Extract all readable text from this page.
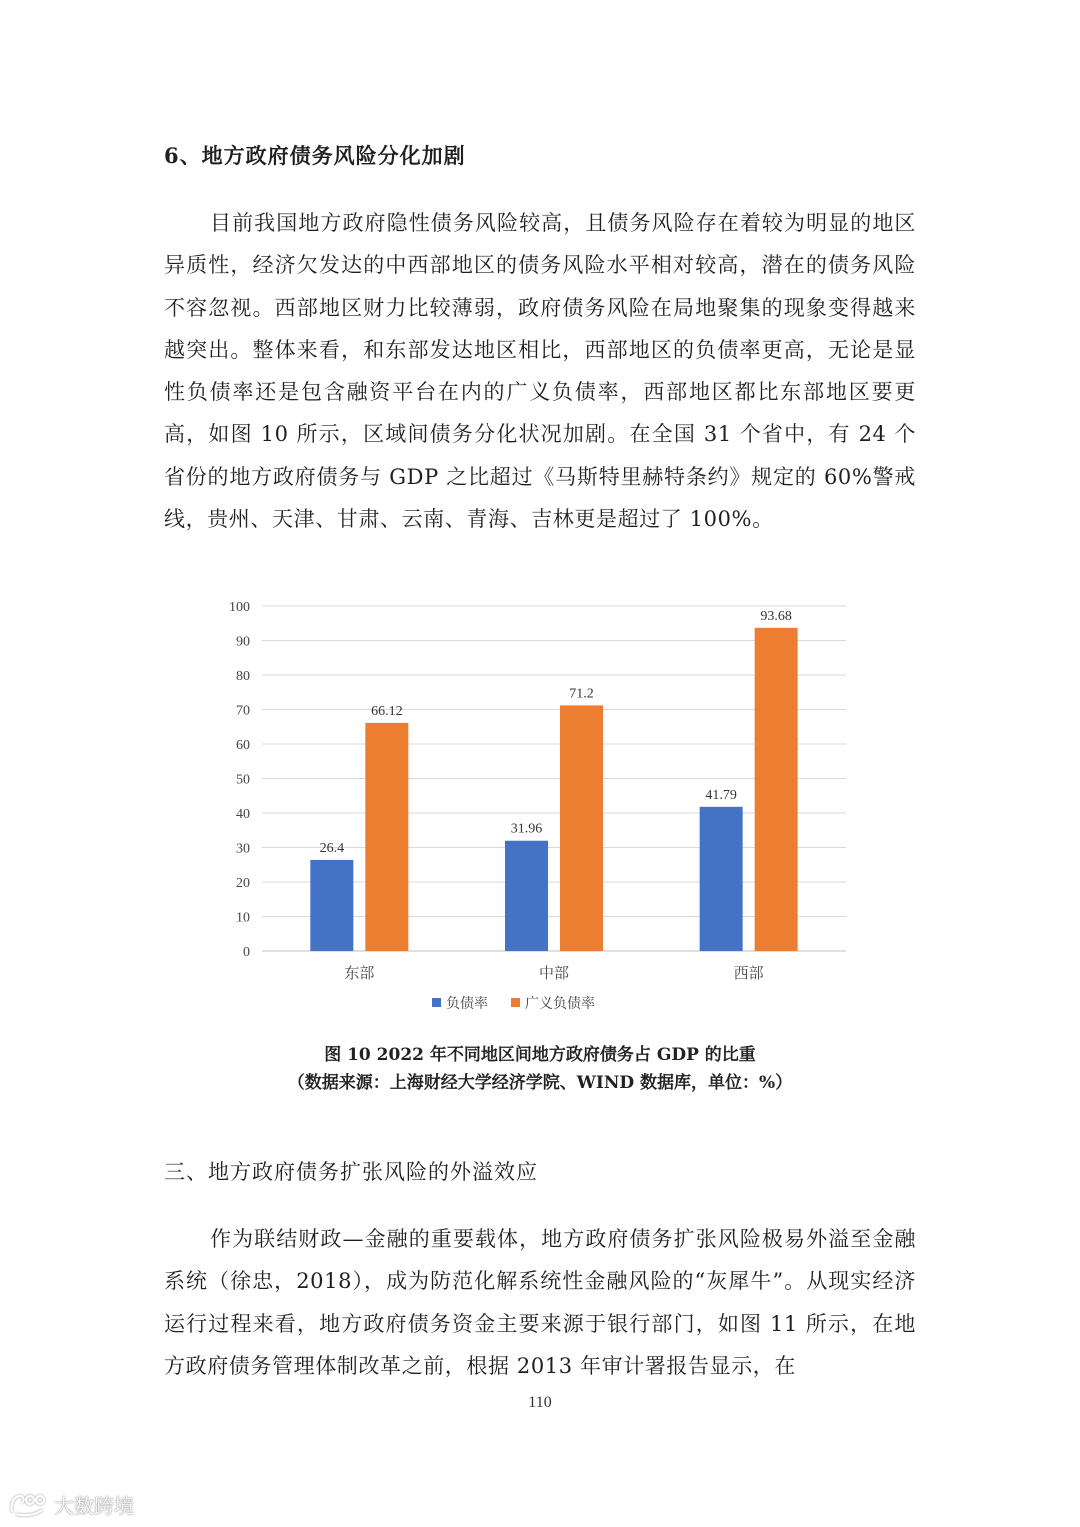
6、地方政府债务风险分化加剧

目前我国地方政府隐性债务风险较高，且债务风险存在着较为明显的地区异质性，经济欠发达的中西部地区的债务风险水平相对较高，潜在的债务风险不容忽视。西部地区财力比较薄弱，政府债务风险在局地聚集的现象变得越来越突出。整体来看，和东部发达地区相比，西部地区的负债率更高，无论是显性负债率还是包含融资平台在内的广义负债率，西部地区都比东部地区要更高，如图 10 所示，区域间债务分化状况加剧。在全国 31 个省中，有 24 个省份的地方政府债务与 GDP 之比超过《马斯特里赫特条约》规定的 60%警戒线，贵州、天津、甘肃、云南、青海、吉林更是超过了 100%。

0
10
20
30
40
50
60
70
80
90
100
26.4
66.12
31.96
71.2
41.79
93.68
东部	中部	西部
负债率	广义负债率
图 10 2022 年不同地区间地方政府债务占 GDP 的比重
（数据来源：上海财经大学经济学院、WIND 数据库，单位：%）
三、地方政府债务扩张风险的外溢效应

作为联结财政—金融的重要载体，地方政府债务扩张风险极易外溢至金融系统（徐忠，2018），成为防范化解系统性金融风险的“灰犀牛”。从现实经济运行过程来看，地方政府债务资金主要来源于银行部门，如图 11 所示，在地方政府债务管理体制改革之前，根据 2013 年审计署报告显示，在

110
大数跨境
